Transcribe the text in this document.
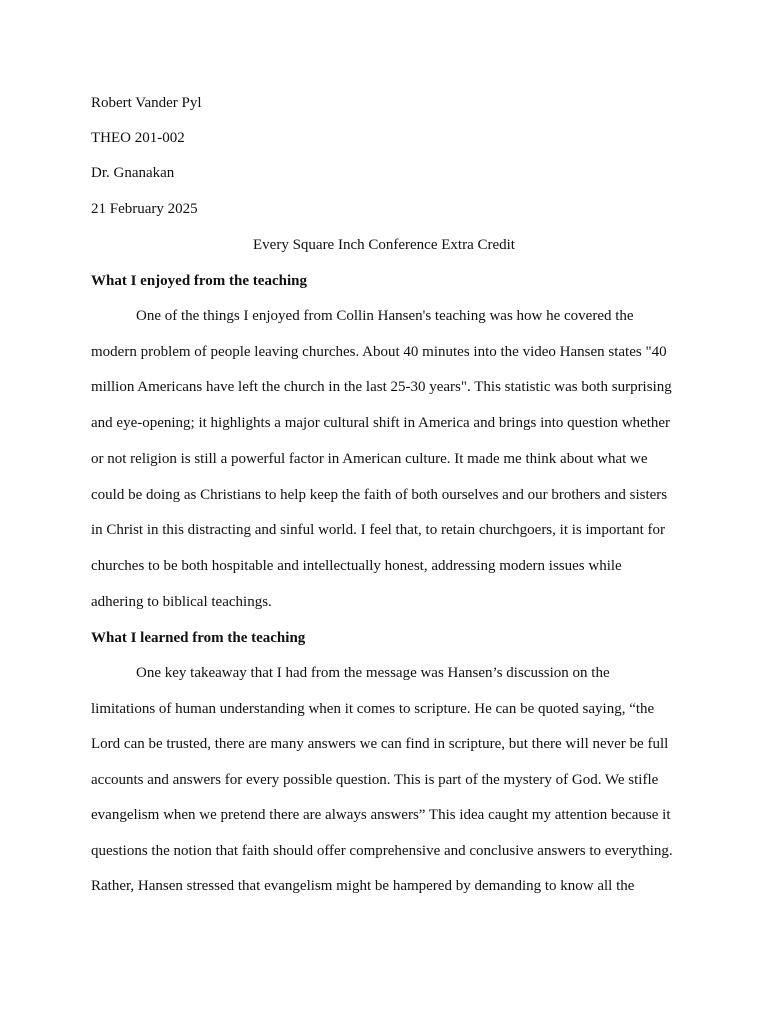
Robert Vander Pyl
THEO 201-002
Dr. Gnanakan
21 February 2025
Every Square Inch Conference Extra Credit
What I enjoyed from the teaching
One of the things I enjoyed from Collin Hansen's teaching was how he covered the
modern problem of people leaving churches. About 40 minutes into the video Hansen states "40
million Americans have left the church in the last 25-30 years". This statistic was both surprising
and eye-opening; it highlights a major cultural shift in America and brings into question whether
or not religion is still a powerful factor in American culture. It made me think about what we
could be doing as Christians to help keep the faith of both ourselves and our brothers and sisters
in Christ in this distracting and sinful world. I feel that, to retain churchgoers, it is important for
churches to be both hospitable and intellectually honest, addressing modern issues while
adhering to biblical teachings.
What I learned from the teaching
One key takeaway that I had from the message was Hansen’s discussion on the
limitations of human understanding when it comes to scripture. He can be quoted saying, “the
Lord can be trusted, there are many answers we can find in scripture, but there will never be full
accounts and answers for every possible question. This is part of the mystery of God. We stifle
evangelism when we pretend there are always answers” This idea caught my attention because it
questions the notion that faith should offer comprehensive and conclusive answers to everything.
Rather, Hansen stressed that evangelism might be hampered by demanding to know all the
